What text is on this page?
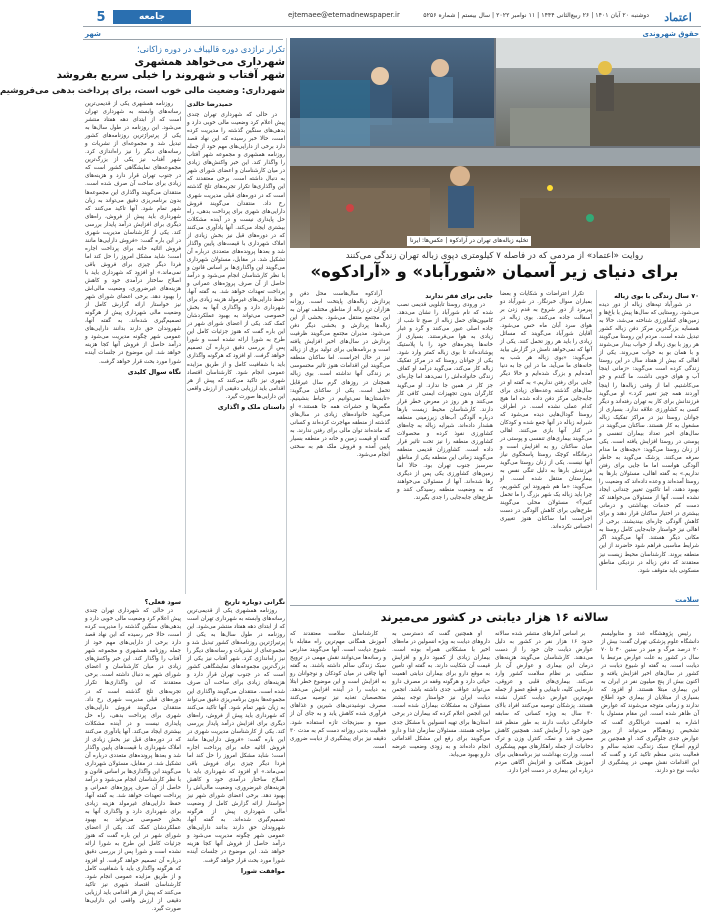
5	جامعه	ejtemaee@etemadnewspaper.ir	دوشنبه ۲۰ آبان ۱۴۰۱ | ۲۶ ربیع‌الثانی ۱۴۴۴ | ۱۱ نوامبر ۲۰۲۲ | سال بیستم | شماره ۵۲۵۶	اعتماد
حقوق شهروندی
شهر
تخلیه زباله‌های تهران در آراد‌کوه | عکس‌ها: ایرنا
روایت «اعتماد» از مردمی که در فاصله ۷ کیلومتری دپوی زباله تهران زندگی می‌کنند
برای دنیای زیر آسمان «شورآباد» و «آراد‌کوه»

۷۰ سال زندگی با بوی زباله

در شورآباد تپه‌های زباله از دور دیده می‌شود. روستایی که سال‌ها پیش با باغ‌ها و زمین‌های کشاورزی شناخته می‌شد، حالا به همسایه بزرگ‌ترین مرکز دفن زباله کشور تبدیل شده است. مردم این روستا می‌گویند هر روز با بوی زباله از خواب بیدار می‌شوند و با همان بو به خواب می‌روند. یکی از اهالی که بیش از هفتاد سال در این روستا زندگی کرده است می‌گوید: «زمانی اینجا آب و هوای خوبی داشت. ما گندم و جو می‌کاشتیم. اما از وقتی زباله‌ها را اینجا آوردند همه چیز تغییر کرد.» او می‌گوید فرزندانش برای کار به تهران رفته‌اند و دیگر کسی به کشاورزی علاقه ندارد. بسیاری از جوانان روستا نیز در مراکز تفکیک زباله مشغول به کار هستند. ساکنان می‌گویند در سال‌های اخیر تعداد بیماران تنفسی و پوستی در روستا افزایش یافته است. یکی از زنان روستا می‌گوید: «بچه‌های ما مدام سرفه می‌کنند. پزشک می‌گوید به خاطر آلودگی هواست اما ما جایی برای رفتن نداریم.» به گفته اهالی، مسئولان بارها به روستا آمده‌اند و وعده داده‌اند که وضعیت را بهبود دهند، اما تاکنون تغییر چندانی ایجاد نشده است. آنها از مسئولان می‌خواهند که دست کم خدمات بهداشتی و درمانی بیشتری در اختیار ساکنان قرار دهند و برای کاهش آلودگی چاره‌ای بیندیشند. برخی از اهالی نیز خواستار جابه‌جایی کامل روستا به مکانی دیگر هستند. آنها می‌گویند اگر شرایط مناسبی فراهم شود حاضرند از این منطقه بروند. کارشناسان محیط زیست نیز معتقدند که دفن زباله در نزدیکی مناطق مسکونی باید متوقف شود.

تکرار اعتراضات و شکایات و بعضا بمباران سوال خبرنگار. در شورآباد دو پیرمرد از دور شروع به قدم زدن بر آسفالت جاده می‌کنند. بوی زباله در هوای سرد آبان ماه حس می‌شود. آقایان شورآباد می‌گویند که مسائل زیادی را باید هر روز تحمل کنند. یکی از آنها که نمی‌خواهد نامش در گزارش بیاید می‌گوید: «بوی زباله هر شب به خانه‌های ما می‌آید. ما در این جا به دنیا آمده‌ایم و بزرگ شده‌ایم و حالا دیگر جایی برای رفتن نداریم.» به گفته او در سال‌های گذشته وعده‌های زیادی برای جابه‌جایی مرکز دفن داده شده اما هیچ کدام عملی نشده است. در اطراف روستا گودال‌هایی دیده می‌شود که شیرابه زباله در آنها جمع شده و کودکان در کنار آنها بازی می‌کنند. اهالی می‌گویند بیماری‌های تنفسی و پوستی در میان ساکنان رو به افزایش است و درمانگاه کوچک روستا پاسخگوی نیاز آنها نیست. یکی از زنان روستا می‌گوید فرزندش بارها به دلیل تنگی نفس به بیمارستان منتقل شده است. او می‌گوید: «ما هم شهروند این کشوریم، چرا باید زباله یک شهر بزرگ را ما تحمل کنیم؟» مسئولان محلی می‌گویند طرح‌هایی برای کاهش آلودگی در دست اجراست اما ساکنان هنوز تغییری احساس نکرده‌اند.

جایی برای فقر ندارند

در ورودی روستا تابلویی قدیمی نصب شده که نام شورآباد را نشان می‌دهد. کامیون‌های حمل زباله از صبح تا شب از جاده اصلی عبور می‌کنند و گرد و غبار زیادی به هوا می‌فرستند. بسیاری از خانه‌ها پنجره‌های خود را با پلاستیک پوشانده‌اند تا بوی زباله کمتر وارد شود. یکی از جوانان روستا که در مرکز تفکیک زباله کار می‌کند، می‌گوید درآمد او کفاف زندگی خانواده‌اش را نمی‌دهد اما چاره‌ای جز کار در همین جا ندارد. او می‌گوید کارگران بدون تجهیزات ایمنی کافی کار می‌کنند و هر روز در معرض خطر قرار دارند. کارشناسان محیط زیست بارها درباره آلودگی آب‌های زیرزمینی منطقه هشدار داده‌اند. شیرابه زباله به چاه‌های کشاورزی نفوذ کرده و محصولات کشاورزی منطقه را نیز تحت تاثیر قرار داده است. کشاورزان قدیمی منطقه می‌گویند زمانی این منطقه یکی از مناطق سرسبز جنوب تهران بود. حالا اما زمین‌های کشاورزی یکی پس از دیگری رها شده‌اند. آنها از مسئولان می‌خواهند که به وضعیت منطقه رسیدگی کنند و طرح‌های جابه‌جایی را جدی بگیرند.

آراد‌کوه سال‌هاست محل دفن و پردازش زباله‌های پایتخت است. روزانه هزاران تن زباله از مناطق مختلف تهران به این مجتمع منتقل می‌شود. بخشی از این زباله‌ها پردازش و بخشی دیگر دفن می‌شود. مدیران مجتمع می‌گویند ظرفیت پردازش در سال‌های اخیر افزایش یافته است و برنامه‌هایی برای تولید برق از زباله نیز در حال اجراست. اما ساکنان منطقه می‌گویند این اقدامات هنوز تاثیر محسوسی بر زندگی آنها نداشته است. بوی زباله همچنان در روزهای گرم سال غیرقابل تحمل است. یکی از ساکنان می‌گوید: «تابستان‌ها نمی‌توانیم در حیاط بنشینیم. مگس‌ها و حشرات همه جا هستند.» او می‌گوید خانواده‌های زیادی در سال‌های گذشته از منطقه مهاجرت کرده‌اند و کسانی که مانده‌اند توان مالی برای رفتن ندارند. به گفته او قیمت زمین و خانه در منطقه بسیار پایین آمده و فروش ملک هم به سختی انجام می‌شود.

تکرار تراژدی دوره قالیباف در دوره زاکانی؛
شهرداری می‌خواهد همشهری
شهر آفتاب و شهروند را خیلی سریع بفروشد
شهرداری: وضعیت مالی خوب است، برای پرداخت بدهی می‌فروشیم
حمیدرضا خالدی

در حالی که شهرداری تهران چندی پیش اعلام کرد وضعیت مالی خوبی دارد و بدهی‌های سنگین گذشته را مدیریت کرده است، حالا خبر رسیده که این نهاد قصد دارد برخی از دارایی‌های مهم خود از جمله روزنامه همشهری و مجموعه شهر آفتاب را واگذار کند. این خبر واکنش‌های زیادی در میان کارشناسان و اعضای شورای شهر به دنبال داشته است. برخی معتقدند که این واگذاری‌ها تکرار تجربه‌های تلخ گذشته است که در دوره‌های قبلی مدیریت شهری رخ داد. منتقدان می‌گویند فروش دارایی‌های شهری برای پرداخت بدهی، راه حل پایداری نیست و در آینده مشکلات بیشتری ایجاد می‌کند. آنها یادآوری می‌کنند که در دوره‌های قبل نیز بخش زیادی از املاک شهرداری با قیمت‌های پایین واگذار شد و بعدها پرونده‌های متعددی درباره آن تشکیل شد. در مقابل، مسئولان شهرداری می‌گویند این واگذاری‌ها بر اساس قانون و با نظر کارشناسان انجام می‌شود و درآمد حاصل از آن صرف پروژه‌های عمرانی و پرداخت تعهدات خواهد شد. به گفته آنها، حفظ دارایی‌های غیرمولد هزینه زیادی برای شهرداری دارد و واگذاری آنها به بخش خصوصی می‌تواند به بهبود عملکردشان کمک کند. یکی از اعضای شورای شهر در این باره گفت که هنوز جزئیات کامل این طرح به شورا ارائه نشده است و شورا پس از بررسی دقیق درباره آن تصمیم خواهد گرفت. او افزود که هرگونه واگذاری باید با شفافیت کامل و از طریق مزایده عمومی انجام شود. کارشناسان اقتصاد شهری نیز تاکید می‌کنند که پیش از هر اقدامی باید ارزیابی دقیقی از ارزش واقعی این دارایی‌ها صورت گیرد.

داستان ملک و اگذاری

روزنامه همشهری یکی از قدیمی‌ترین رسانه‌های وابسته به شهرداری تهران است که از ابتدای دهه هفتاد منتشر می‌شود. این روزنامه در طول سال‌ها به یکی از پرتیراژترین روزنامه‌های کشور تبدیل شد و مجموعه‌ای از نشریات و رسانه‌های دیگر را نیز راه‌اندازی کرد. شهر آفتاب نیز یکی از بزرگ‌ترین مجموعه‌های نمایشگاهی کشور است که در جنوب تهران قرار دارد و هزینه‌های زیادی برای ساخت آن صرف شده است. منتقدان می‌گویند واگذاری این مجموعه‌ها بدون برنامه‌ریزی دقیق می‌تواند به زیان شهر تمام شود. آنها تاکید می‌کنند که شهرداری باید پیش از فروش، راه‌های دیگری برای افزایش درآمد پایدار بررسی کند. یکی از کارشناسان مدیریت شهری در این باره گفت: «فروش دارایی‌ها مانند فروش اثاثیه خانه برای پرداخت اجاره است؛ شاید مشکل امروز را حل کند اما فردا دیگر چیزی برای فروش باقی نمی‌ماند.» او افزود که شهرداری باید با اصلاح ساختار درآمدی خود و کاهش هزینه‌های غیرضروری، وضعیت مالی‌اش را بهبود دهد. برخی اعضای شورای شهر نیز خواستار ارائه گزارش کامل از وضعیت مالی شهرداری پیش از هرگونه تصمیم‌گیری شده‌اند. به گفته آنها، شهروندان حق دارند بدانند دارایی‌های عمومی شهر چگونه مدیریت می‌شود و درآمد حاصل از فروش آنها کجا هزینه خواهد شد. این موضوع در جلسات آینده شورا مورد بحث قرار خواهد گرفت.

نگاه سوال کلیدی

سود فعلی؟

در حالی که شهرداری تهران چندی پیش اعلام کرد وضعیت مالی خوبی دارد و بدهی‌های سنگین گذشته را مدیریت کرده است، حالا خبر رسیده که این نهاد قصد دارد برخی از دارایی‌های مهم خود از جمله روزنامه همشهری و مجموعه شهر آفتاب را واگذار کند. این خبر واکنش‌های زیادی در میان کارشناسان و اعضای شورای شهر به دنبال داشته است. برخی معتقدند که این واگذاری‌ها تکرار تجربه‌های تلخ گذشته است که در دوره‌های قبلی مدیریت شهری رخ داد. منتقدان می‌گویند فروش دارایی‌های شهری برای پرداخت بدهی، راه حل پایداری نیست و در آینده مشکلات بیشتری ایجاد می‌کند. آنها یادآوری می‌کنند که در دوره‌های قبل نیز بخش زیادی از املاک شهرداری با قیمت‌های پایین واگذار شد و بعدها پرونده‌های متعددی درباره آن تشکیل شد. در مقابل، مسئولان شهرداری می‌گویند این واگذاری‌ها بر اساس قانون و با نظر کارشناسان انجام می‌شود و درآمد حاصل از آن صرف پروژه‌های عمرانی و پرداخت تعهدات خواهد شد. به گفته آنها، حفظ دارایی‌های غیرمولد هزینه زیادی برای شهرداری دارد و واگذاری آنها به بخش خصوصی می‌تواند به بهبود عملکردشان کمک کند. یکی از اعضای شورای شهر در این باره گفت که هنوز جزئیات کامل این طرح به شورا ارائه نشده است و شورا پس از بررسی دقیق درباره آن تصمیم خواهد گرفت. او افزود که هرگونه واگذاری باید با شفافیت کامل و از طریق مزایده عمومی انجام شود. کارشناسان اقتصاد شهری نیز تاکید می‌کنند که پیش از هر اقدامی باید ارزیابی دقیقی از ارزش واقعی این دارایی‌ها صورت گیرد.

نگرانی دوباره تاریخ

روزنامه همشهری یکی از قدیمی‌ترین رسانه‌های وابسته به شهرداری تهران است که از ابتدای دهه هفتاد منتشر می‌شود. این روزنامه در طول سال‌ها به یکی از پرتیراژترین روزنامه‌های کشور تبدیل شد و مجموعه‌ای از نشریات و رسانه‌های دیگر را نیز راه‌اندازی کرد. شهر آفتاب نیز یکی از بزرگ‌ترین مجموعه‌های نمایشگاهی کشور است که در جنوب تهران قرار دارد و هزینه‌های زیادی برای ساخت آن صرف شده است. منتقدان می‌گویند واگذاری این مجموعه‌ها بدون برنامه‌ریزی دقیق می‌تواند به زیان شهر تمام شود. آنها تاکید می‌کنند که شهرداری باید پیش از فروش، راه‌های دیگری برای افزایش درآمد پایدار بررسی کند. یکی از کارشناسان مدیریت شهری در این باره گفت: «فروش دارایی‌ها مانند فروش اثاثیه خانه برای پرداخت اجاره است؛ شاید مشکل امروز را حل کند اما فردا دیگر چیزی برای فروش باقی نمی‌ماند.» او افزود که شهرداری باید با اصلاح ساختار درآمدی خود و کاهش هزینه‌های غیرضروری، وضعیت مالی‌اش را بهبود دهد. برخی اعضای شورای شهر نیز خواستار ارائه گزارش کامل از وضعیت مالی شهرداری پیش از هرگونه تصمیم‌گیری شده‌اند. به گفته آنها، شهروندان حق دارند بدانند دارایی‌های عمومی شهر چگونه مدیریت می‌شود و درآمد حاصل از فروش آنها کجا هزینه خواهد شد. این موضوع در جلسات آینده شورا مورد بحث قرار خواهد گرفت.

موافقت شورا

سلامت
سالانه ۱۶ هزار دیابتی در کشور می‌میرند

رئیس پژوهشگاه غدد و متابولیسم دانشگاه علوم پزشکی تهران گفت: بیش از ۲۰ درصد مرگ و میر در سنین ۴۰ تا ۷۰ سال در کشور به علت عوارض مرتبط با دیابت است. به گفته او شیوع دیابت در کشور در سال‌های اخیر افزایش یافته و اکنون بیش از پنج میلیون نفر در ایران به این بیماری مبتلا هستند. او افزود که بسیاری از مبتلایان از بیماری خود اطلاع ندارند و زمانی متوجه می‌شوند که عوارض آن ظاهر شده است. این مقام مسئول با اشاره به اهمیت غربالگری گفت که تشخیص زودهنگام می‌تواند از بروز عوارض جدی جلوگیری کند. او همچنین بر لزوم اصلاح سبک زندگی، تغذیه سالم و فعالیت بدنی منظم تاکید کرد و گفت که این اقدامات نقش مهمی در پیشگیری از دیابت نوع دو دارند.

بر اساس آمارهای منتشر شده سالانه حدود ۱۶ هزار نفر در کشور به دلیل عوارض دیابت جان خود را از دست می‌دهند. کارشناسان می‌گویند هزینه‌های درمان این بیماری و عوارض آن بار سنگینی بر نظام سلامت کشور وارد می‌کند. بیماری‌های قلبی و عروقی، نارسایی کلیه، نابینایی و قطع عضو از جمله مهم‌ترین عوارض دیابت کنترل نشده هستند. پزشکان توصیه می‌کنند افراد بالای ۳۰ سال به ویژه کسانی که سابقه خانوادگی دیابت دارند به طور منظم قند خون خود را آزمایش کنند. همچنین کاهش مصرف قند و نمک، کنترل وزن و ترک دخانیات از جمله راهکارهای مهم پیشگیری است. وزارت بهداشت نیز برنامه‌هایی برای آموزش همگانی و افزایش آگاهی مردم درباره این بیماری در دست اجرا دارد.

او همچنین گفت که دسترسی به داروهای دیابت به ویژه انسولین در ماه‌های اخیر با مشکلاتی همراه بوده است. بیماران زیادی از کمبود دارو و افزایش قیمت آن شکایت دارند. به گفته او، تامین به موقع دارو برای بیماران دیابتی اهمیت حیاتی دارد و هرگونه وقفه در مصرف دارو می‌تواند عواقب جدی داشته باشد. انجمن دیابت ایران نیز خواستار توجه بیشتر مسئولان به مشکلات بیماران شده است. این انجمن اعلام کرده که بیماران در برخی استان‌ها برای تهیه انسولین با مشکل جدی مواجه هستند. مسئولان سازمان غذا و دارو می‌گویند برای رفع این مشکل اقداماتی انجام داده‌اند و به زودی وضعیت عرضه دارو بهبود می‌یابد.

کارشناسان سلامت معتقدند که آموزش همگانی مهم‌ترین راه مقابله با شیوع دیابت است. آنها می‌گویند مدارس و رسانه‌ها می‌توانند نقش مهمی در ترویج سبک زندگی سالم داشته باشند. به گفته آنها چاقی در میان کودکان و نوجوانان رو به افزایش است و این موضوع خطر ابتلا به دیابت را در آینده افزایش می‌دهد. متخصصان تغذیه نیز توصیه می‌کنند مصرف نوشیدنی‌های شیرین و غذاهای فرآوری شده کاهش یابد و به جای آن از میوه و سبزیجات تازه استفاده شود. فعالیت بدنی روزانه دست کم به مدت ۳۰ دقیقه نیز برای پیشگیری از دیابت ضروری است.
